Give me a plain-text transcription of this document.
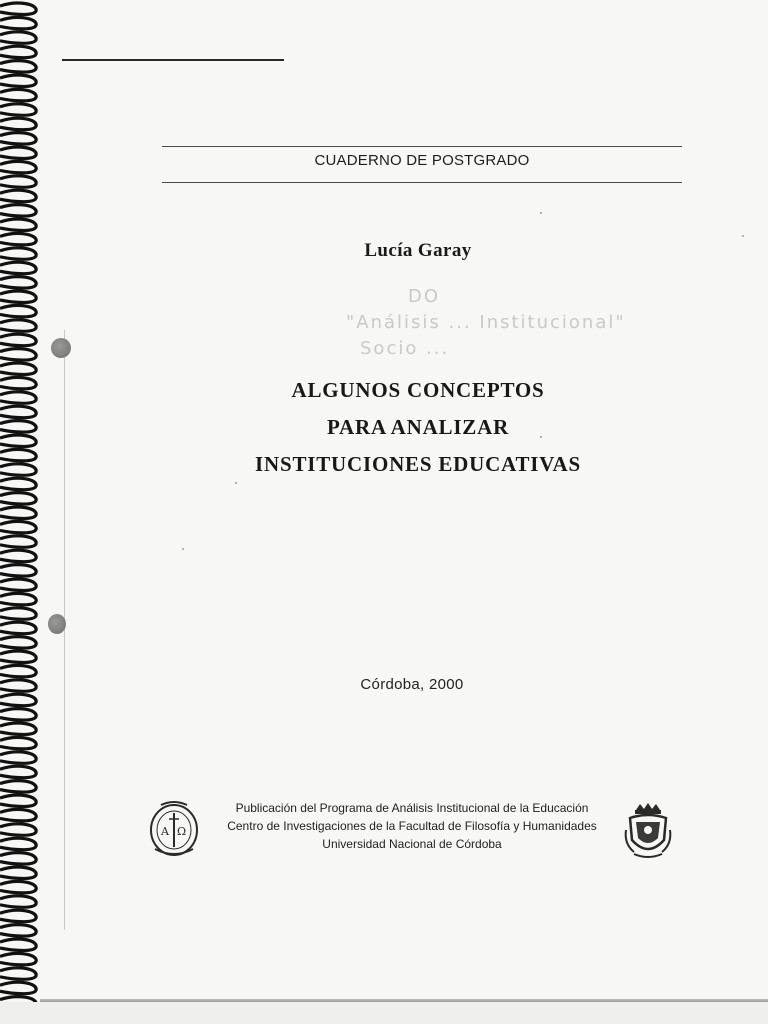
CUADERNO DE POSTGRADO
Lucía Garay
DO
"Análisis ... Institucional"
Socio ...
ALGUNOS CONCEPTOS
PARA ANALIZAR
INSTITUCIONES EDUCATIVAS
Córdoba, 2000
A Ω
Publicación del Programa de Análisis Institucional de la Educación
Centro de Investigaciones de la Facultad de Filosofía y Humanidades
Universidad Nacional de Córdoba
